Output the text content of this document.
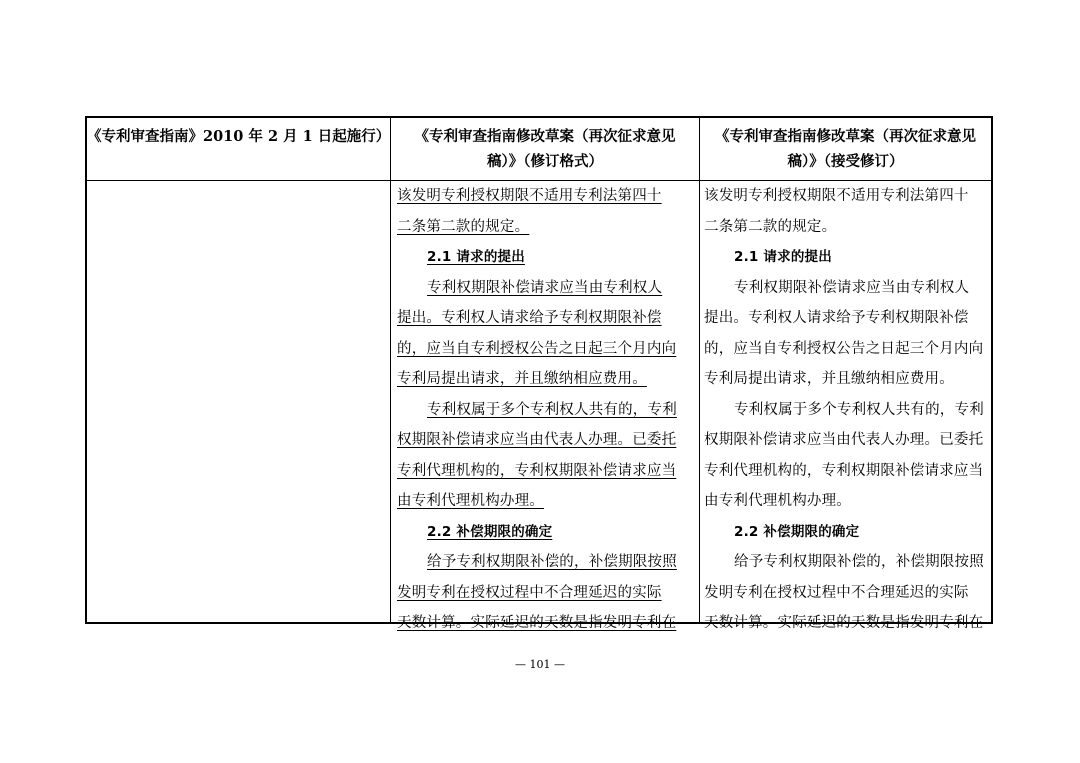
《专利审查指南》2010 年 2 月 1 日起施行）	《专利审查指南修改草案（再次征求意见
稿）》（修订格式）
《专利审查指南修改草案（再次征求意见
稿）》（接受修订）
该发明专利授权期限不适用专利法第四十
二条第二款的规定。
2.1 请求的提出
专利权期限补偿请求应当由专利权人
提出。专利权人请求给予专利权期限补偿
的，应当自专利授权公告之日起三个月内向
专利局提出请求，并且缴纳相应费用。
专利权属于多个专利权人共有的，专利
权期限补偿请求应当由代表人办理。已委托
专利代理机构的，专利权期限补偿请求应当
由专利代理机构办理。
2.2 补偿期限的确定
给予专利权期限补偿的，补偿期限按照
发明专利在授权过程中不合理延迟的实际
天数计算。实际延迟的天数是指发明专利在
该发明专利授权期限不适用专利法第四十
二条第二款的规定。
2.1 请求的提出
专利权期限补偿请求应当由专利权人
提出。专利权人请求给予专利权期限补偿
的，应当自专利授权公告之日起三个月内向
专利局提出请求，并且缴纳相应费用。
专利权属于多个专利权人共有的，专利
权期限补偿请求应当由代表人办理。已委托
专利代理机构的，专利权期限补偿请求应当
由专利代理机构办理。
2.2 补偿期限的确定
给予专利权期限补偿的，补偿期限按照
发明专利在授权过程中不合理延迟的实际
天数计算。实际延迟的天数是指发明专利在
— 101 —
